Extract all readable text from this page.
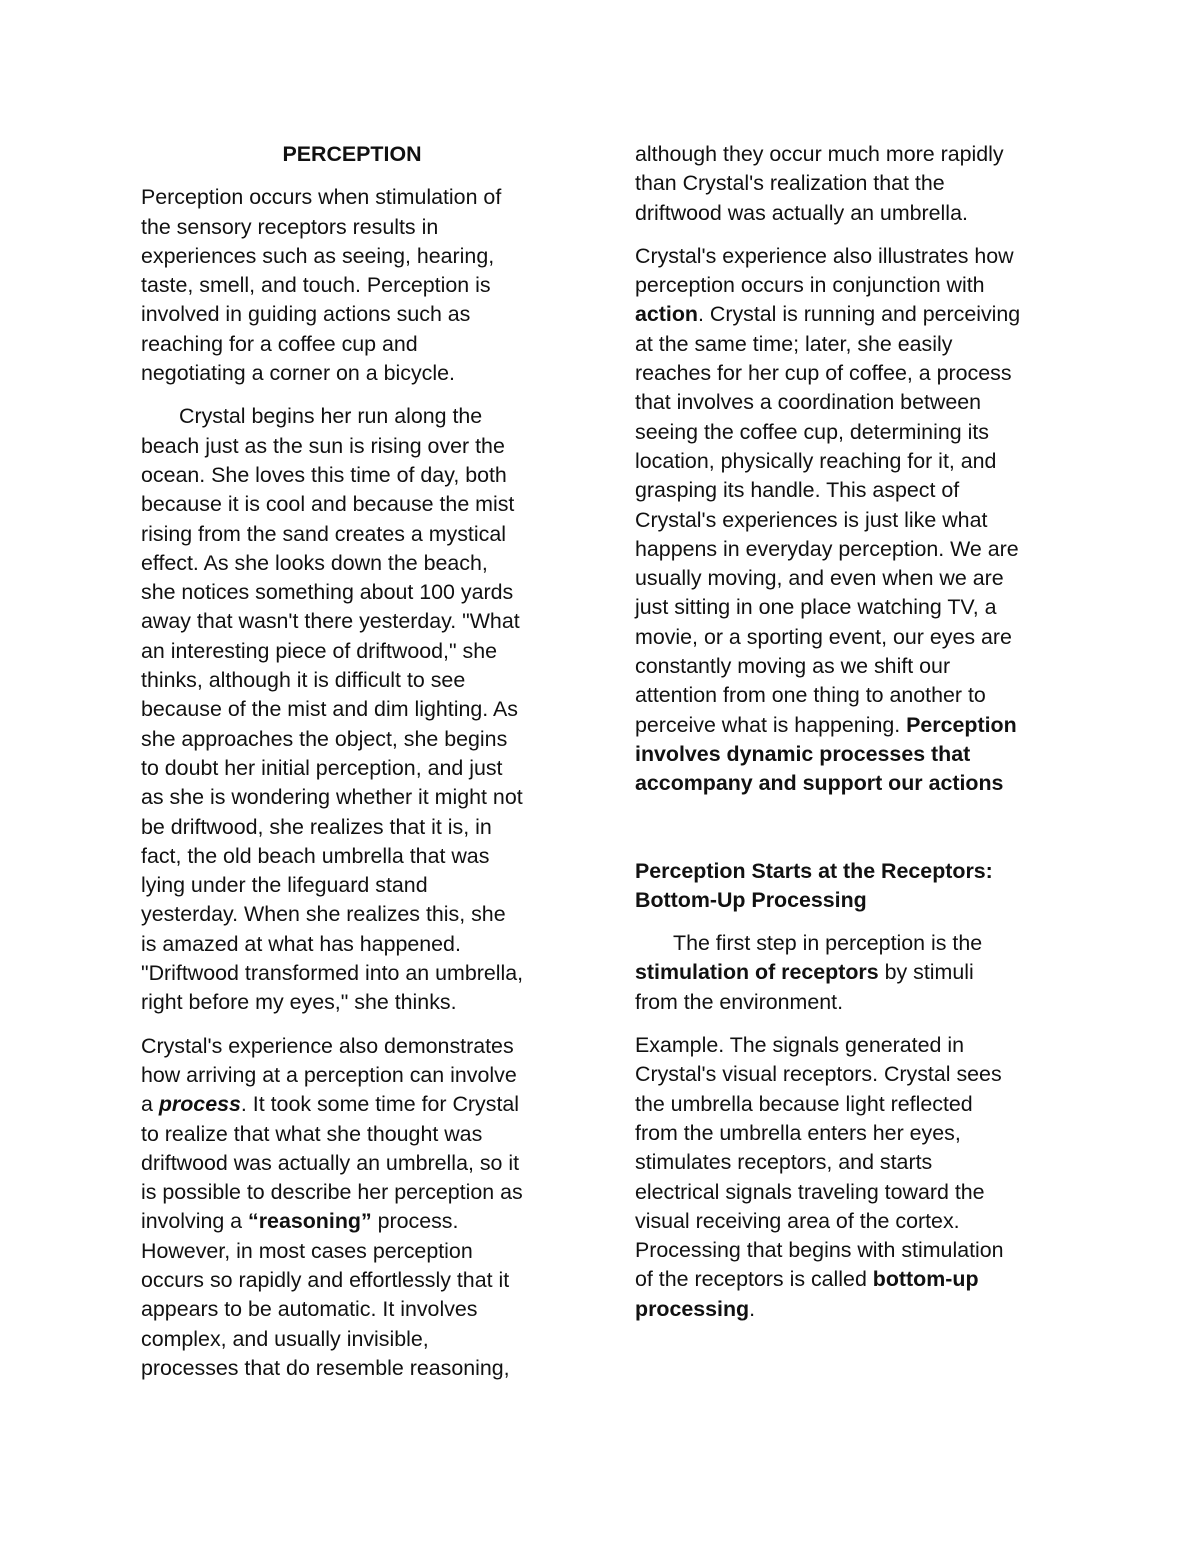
PERCEPTION

Perception occurs when stimulation of
the sensory receptors results in
experiences such as seeing, hearing,
taste, smell, and touch. Perception is
involved in guiding actions such as
reaching for a coffee cup and
negotiating a corner on a bicycle.

Crystal begins her run along the
beach just as the sun is rising over the
ocean. She loves this time of day, both
because it is cool and because the mist
rising from the sand creates a mystical
effect. As she looks down the beach,
she notices something about 100 yards
away that wasn't there yesterday. "What
an interesting piece of driftwood," she
thinks, although it is difficult to see
because of the mist and dim lighting. As
she approaches the object, she begins
to doubt her initial perception, and just
as she is wondering whether it might not
be driftwood, she realizes that it is, in
fact, the old beach umbrella that was
lying under the lifeguard stand
yesterday. When she realizes this, she
is amazed at what has happened.
"Driftwood transformed into an umbrella,
right before my eyes," she thinks.

Crystal's experience also demonstrates
how arriving at a perception can involve
a process. It took some time for Crystal
to realize that what she thought was
driftwood was actually an umbrella, so it
is possible to describe her perception as
involving a “reasoning” process.
However, in most cases perception
occurs so rapidly and effortlessly that it
appears to be automatic. It involves
complex, and usually invisible,
processes that do resemble reasoning,

although they occur much more rapidly
than Crystal's realization that the
driftwood was actually an umbrella.

Crystal's experience also illustrates how
perception occurs in conjunction with
action. Crystal is running and perceiving
at the same time; later, she easily
reaches for her cup of coffee, a process
that involves a coordination between
seeing the coffee cup, determining its
location, physically reaching for it, and
grasping its handle. This aspect of
Crystal's experiences is just like what
happens in everyday perception. We are
usually moving, and even when we are
just sitting in one place watching TV, a
movie, or a sporting event, our eyes are
constantly moving as we shift our
attention from one thing to another to
perceive what is happening. Perception
involves dynamic processes that
accompany and support our actions

Perception Starts at the Receptors:
Bottom-Up Processing

The first step in perception is the
stimulation of receptors by stimuli
from the environment.

Example. The signals generated in
Crystal's visual receptors. Crystal sees
the umbrella because light reflected
from the umbrella enters her eyes,
stimulates receptors, and starts
electrical signals traveling toward the
visual receiving area of the cortex.
Processing that begins with stimulation
of the receptors is called bottom-up
processing.
